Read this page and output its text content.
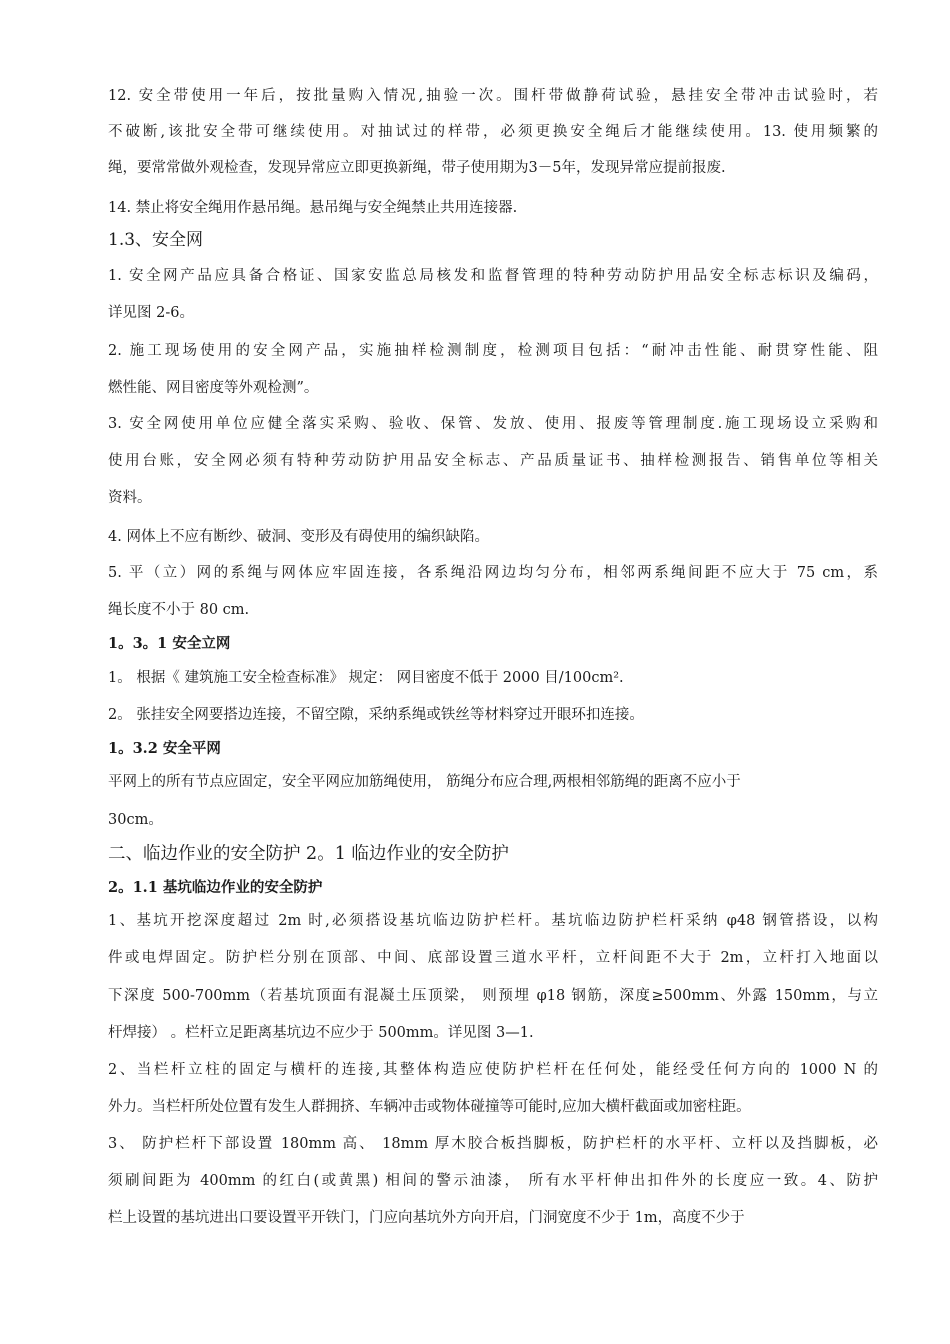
12. 安全带使用一年后，按批量购入情况,抽验一次。围杆带做静荷试验，悬挂安全带冲击试验时，若

不破断,该批安全带可继续使用。对抽试过的样带，必须更换安全绳后才能继续使用。13. 使用频繁的

绳，要常常做外观检查，发现异常应立即更换新绳，带子使用期为3－5年，发现异常应提前报废.

14. 禁止将安全绳用作悬吊绳。悬吊绳与安全绳禁止共用连接器.

1.3、安全网

1. 安全网产品应具备合格证、国家安监总局核发和监督管理的特种劳动防护用品安全标志标识及编码，

详见图 2-6。

2. 施工现场使用的安全网产品，实施抽样检测制度，检测项目包括：“耐冲击性能、耐贯穿性能、阻

燃性能、网目密度等外观检测”。

3. 安全网使用单位应健全落实采购、验收、保管、发放、使用、报废等管理制度.施工现场设立采购和

使用台账，安全网必须有特种劳动防护用品安全标志、产品质量证书、抽样检测报告、销售单位等相关

资料。

4. 网体上不应有断纱、破洞、变形及有碍使用的编织缺陷。

5. 平（立）网的系绳与网体应牢固连接，各系绳沿网边均匀分布，相邻两系绳间距不应大于 75 cm，系

绳长度不小于 80 cm.

1。3。1 安全立网

1。 根据《 建筑施工安全检查标准》 规定： 网目密度不低于 2000 目/100cm².

2。 张挂安全网要搭边连接，不留空隙，采纳系绳或铁丝等材料穿过开眼环扣连接。

1。3.2 安全平网

平网上的所有节点应固定，安全平网应加筋绳使用， 筋绳分布应合理,两根相邻筋绳的距离不应小于

30cm。

二、临边作业的安全防护 2。1 临边作业的安全防护

2。1.1 基坑临边作业的安全防护

1、基坑开挖深度超过 2m 时,必须搭设基坑临边防护栏杆。基坑临边防护栏杆采纳 φ48 钢管搭设，以构

件或电焊固定。防护栏分别在顶部、中间、底部设置三道水平杆，立杆间距不大于 2m，立杆打入地面以

下深度 500-700mm（若基坑顶面有混凝土压顶梁， 则预埋 φ18 钢筋，深度≥500mm、外露 150mm，与立

杆焊接） 。栏杆立足距离基坑边不应少于 500mm。详见图 3—1.

2、当栏杆立柱的固定与横杆的连接,其整体构造应使防护栏杆在任何处，能经受任何方向的 1000 N 的

外力。当栏杆所处位置有发生人群拥挤、车辆冲击或物体碰撞等可能时,应加大横杆截面或加密柱距。

3、 防护栏杆下部设置 180mm 高、 18mm 厚木胶合板挡脚板，防护栏杆的水平杆、立杆以及挡脚板，必

须刷间距为 400mm 的红白(或黄黑) 相间的警示油漆， 所有水平杆伸出扣件外的长度应一致。4、防护

栏上设置的基坑进出口要设置平开铁门，门应向基坑外方向开启，门洞宽度不少于 1m，高度不少于
